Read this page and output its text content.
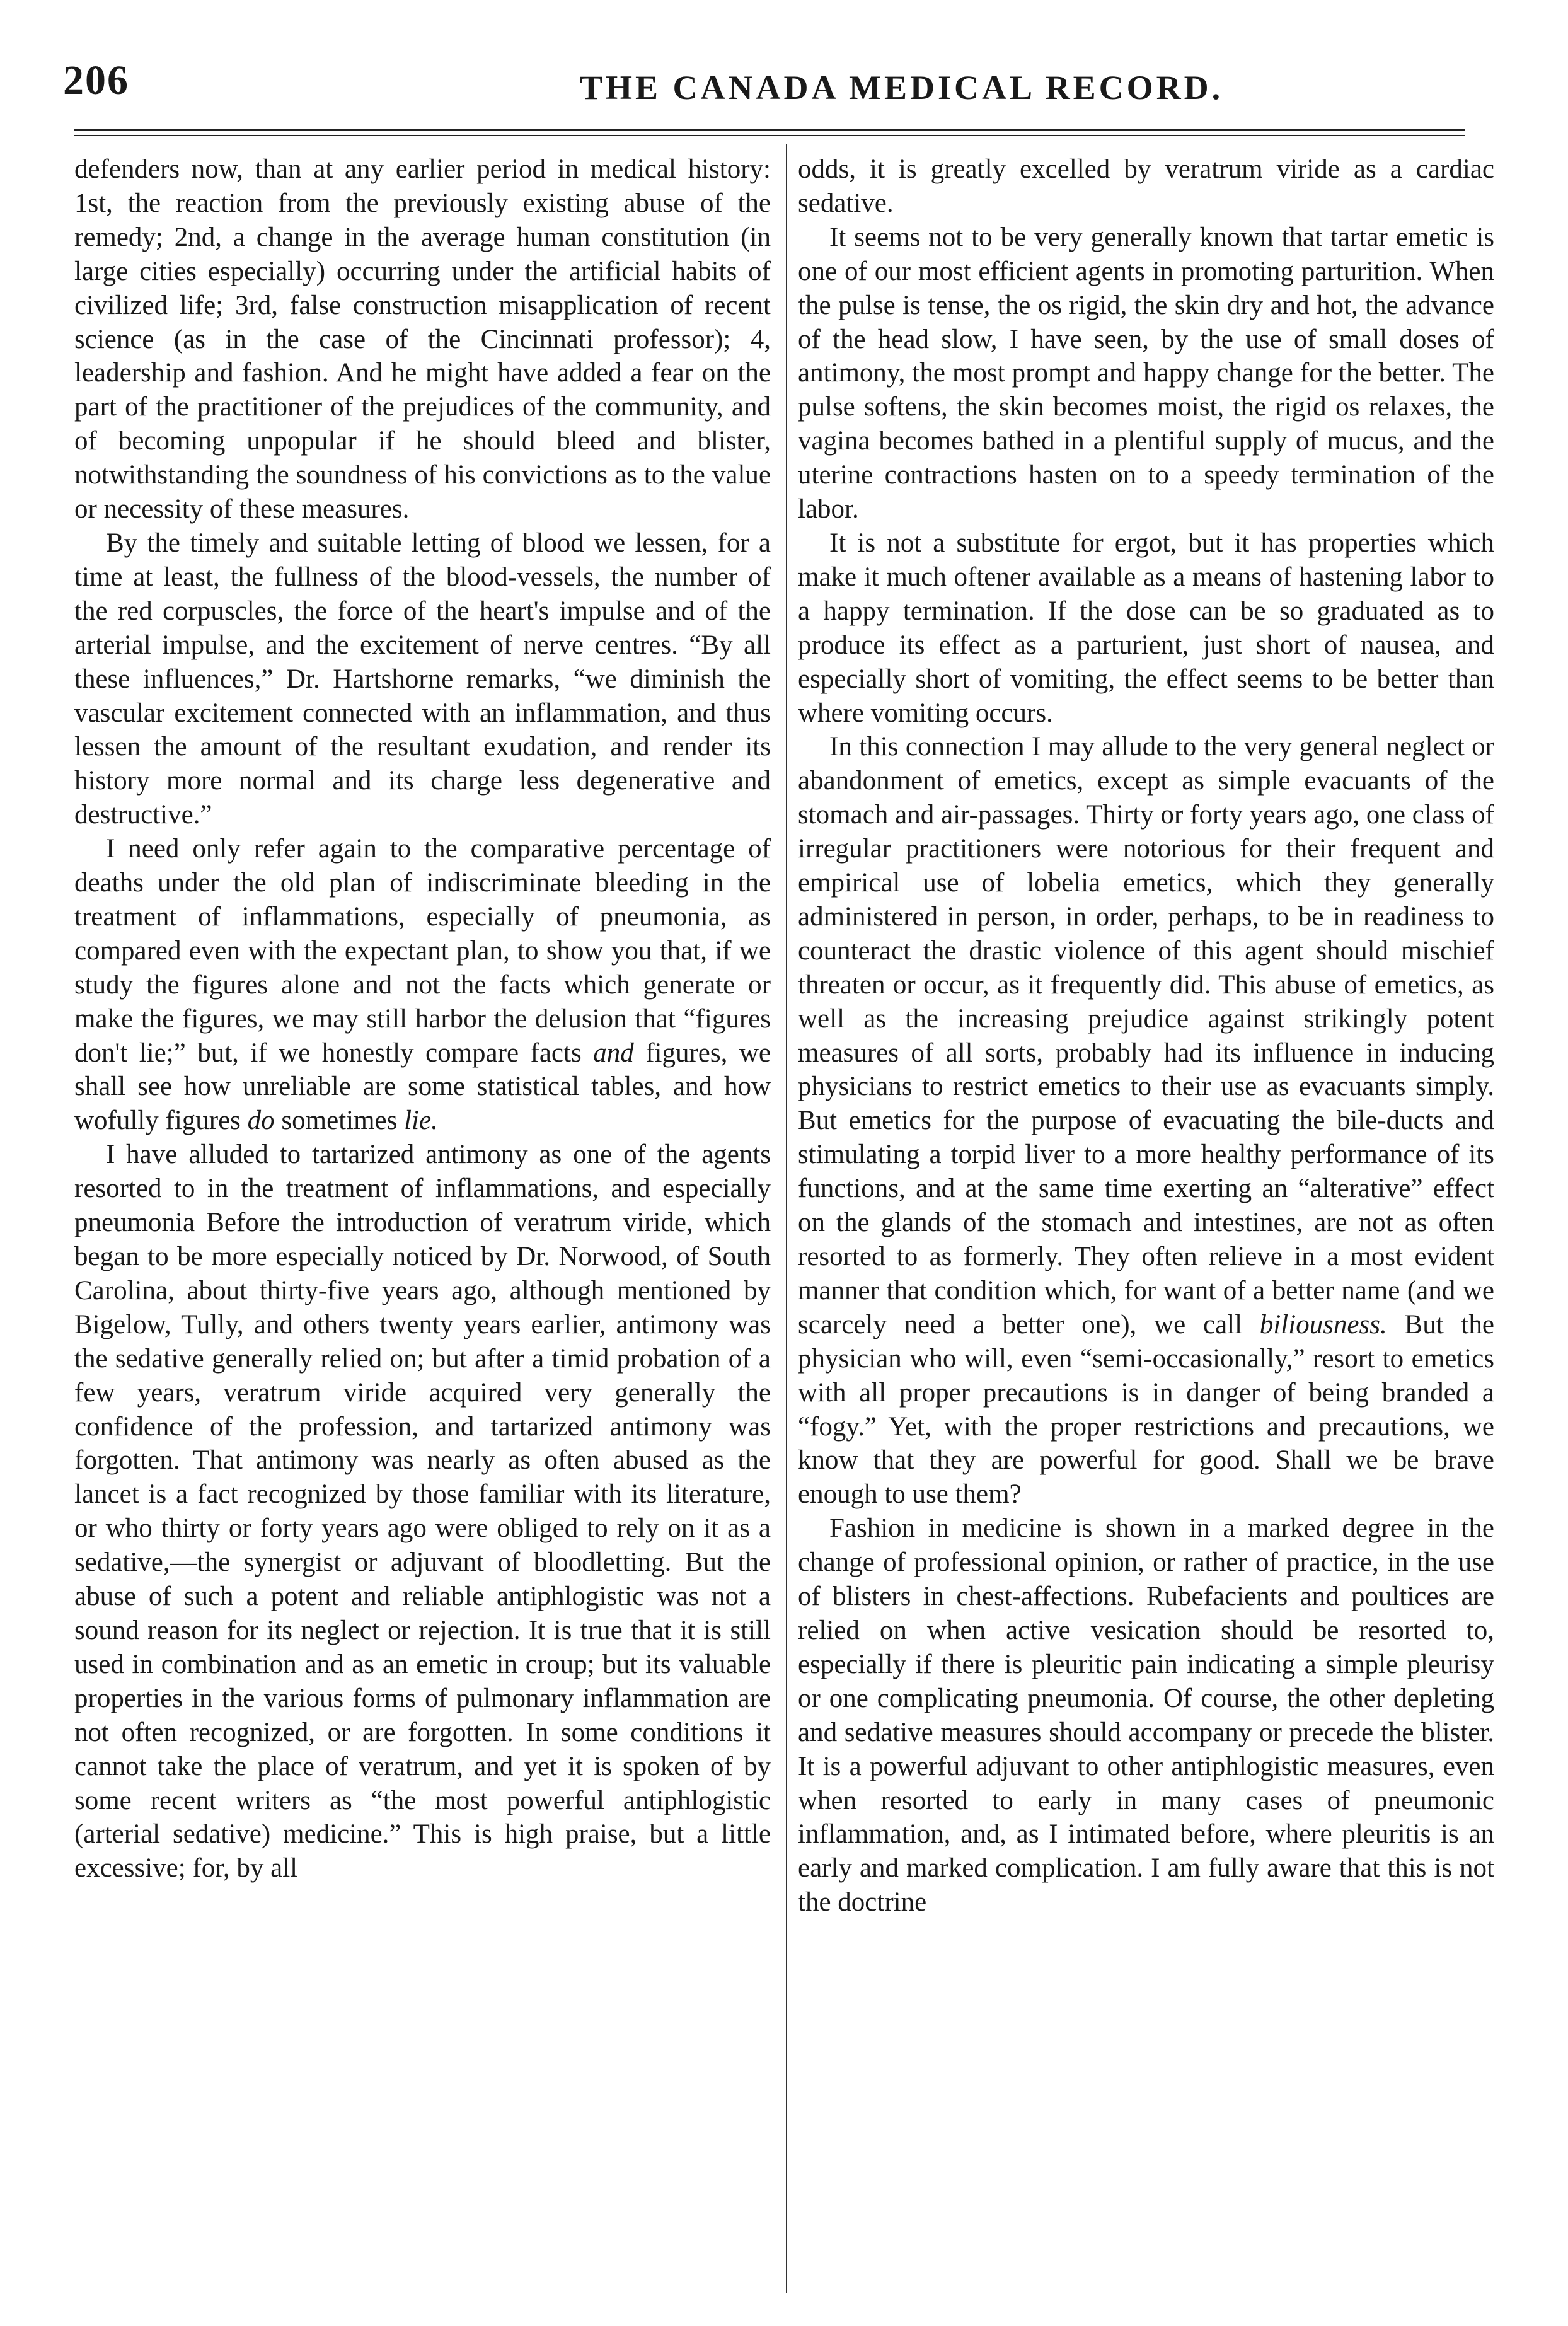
206	THE CANADA MEDICAL RECORD.

defenders now, than at any earlier period in medical history: 1st, the reaction from the previously existing abuse of the remedy; 2nd, a change in the average human constitution (in large cities especially) occurring under the artificial habits of civilized life; 3rd, false construction misapplication of recent science (as in the case of the Cincinnati professor); 4, leadership and fashion. And he might have added a fear on the part of the practitioner of the prejudices of the community, and of becoming unpopular if he should bleed and blister, notwithstanding the soundness of his convictions as to the value or necessity of these measures.

By the timely and suitable letting of blood we lessen, for a time at least, the fullness of the blood-vessels, the number of the red corpuscles, the force of the heart's impulse and of the arterial impulse, and the excitement of nerve centres. “By all these influences,” Dr. Hartshorne remarks, “we diminish the vascular excitement connected with an inflammation, and thus lessen the amount of the resultant exudation, and render its history more normal and its charge less degenerative and destructive.”

I need only refer again to the comparative percentage of deaths under the old plan of indiscriminate bleeding in the treatment of inflammations, especially of pneumonia, as compared even with the expectant plan, to show you that, if we study the figures alone and not the facts which generate or make the figures, we may still harbor the delusion that “figures don't lie;” but, if we honestly compare facts and figures, we shall see how unreliable are some statistical tables, and how wofully figures do sometimes lie.

I have alluded to tartarized antimony as one of the agents resorted to in the treatment of inflammations, and especially pneumonia Before the introduction of veratrum viride, which began to be more especially noticed by Dr. Norwood, of South Carolina, about thirty-five years ago, although mentioned by Bigelow, Tully, and others twenty years earlier, antimony was the sedative generally relied on; but after a timid probation of a few years, veratrum viride acquired very generally the confidence of the profession, and tartarized antimony was forgotten. That antimony was nearly as often abused as the lancet is a fact recognized by those familiar with its literature, or who thirty or forty years ago were obliged to rely on it as a sedative,—the synergist or adjuvant of bloodletting. But the abuse of such a potent and reliable antiphlogistic was not a sound reason for its neglect or rejection. It is true that it is still used in combination and as an emetic in croup; but its valuable properties in the various forms of pulmonary inflammation are not often recognized, or are forgotten. In some conditions it cannot take the place of veratrum, and yet it is spoken of by some recent writers as “the most powerful antiphlogistic (arterial sedative) medicine.” This is high praise, but a little excessive; for, by all

odds, it is greatly excelled by veratrum viride as a cardiac sedative.

It seems not to be very generally known that tartar emetic is one of our most efficient agents in promoting parturition. When the pulse is tense, the os rigid, the skin dry and hot, the advance of the head slow, I have seen, by the use of small doses of antimony, the most prompt and happy change for the better. The pulse softens, the skin becomes moist, the rigid os relaxes, the vagina becomes bathed in a plentiful supply of mucus, and the uterine contractions hasten on to a speedy termination of the labor.

It is not a substitute for ergot, but it has properties which make it much oftener available as a means of hastening labor to a happy termination. If the dose can be so graduated as to produce its effect as a parturient, just short of nausea, and especially short of vomiting, the effect seems to be better than where vomiting occurs.

In this connection I may allude to the very general neglect or abandonment of emetics, except as simple evacuants of the stomach and air-passages. Thirty or forty years ago, one class of irregular practitioners were notorious for their frequent and empirical use of lobelia emetics, which they generally administered in person, in order, perhaps, to be in readiness to counteract the drastic violence of this agent should mischief threaten or occur, as it frequently did. This abuse of emetics, as well as the increasing prejudice against strikingly potent measures of all sorts, probably had its influence in inducing physicians to restrict emetics to their use as evacuants simply. But emetics for the purpose of evacuating the bile-ducts and stimulating a torpid liver to a more healthy performance of its functions, and at the same time exerting an “alterative” effect on the glands of the stomach and intestines, are not as often resorted to as formerly. They often relieve in a most evident manner that condition which, for want of a better name (and we scarcely need a better one), we call biliousness. But the physician who will, even “semi-occasionally,” resort to emetics with all proper precautions is in danger of being branded a “fogy.” Yet, with the proper restrictions and precautions, we know that they are powerful for good. Shall we be brave enough to use them?

Fashion in medicine is shown in a marked degree in the change of professional opinion, or rather of practice, in the use of blisters in chest-affections. Rubefacients and poultices are relied on when active vesication should be resorted to, especially if there is pleuritic pain indicating a simple pleurisy or one complicating pneumonia. Of course, the other depleting and sedative measures should accompany or precede the blister. It is a powerful adjuvant to other antiphlogistic measures, even when resorted to early in many cases of pneumonic inflammation, and, as I intimated before, where pleuritis is an early and marked complication. I am fully aware that this is not the doctrine
